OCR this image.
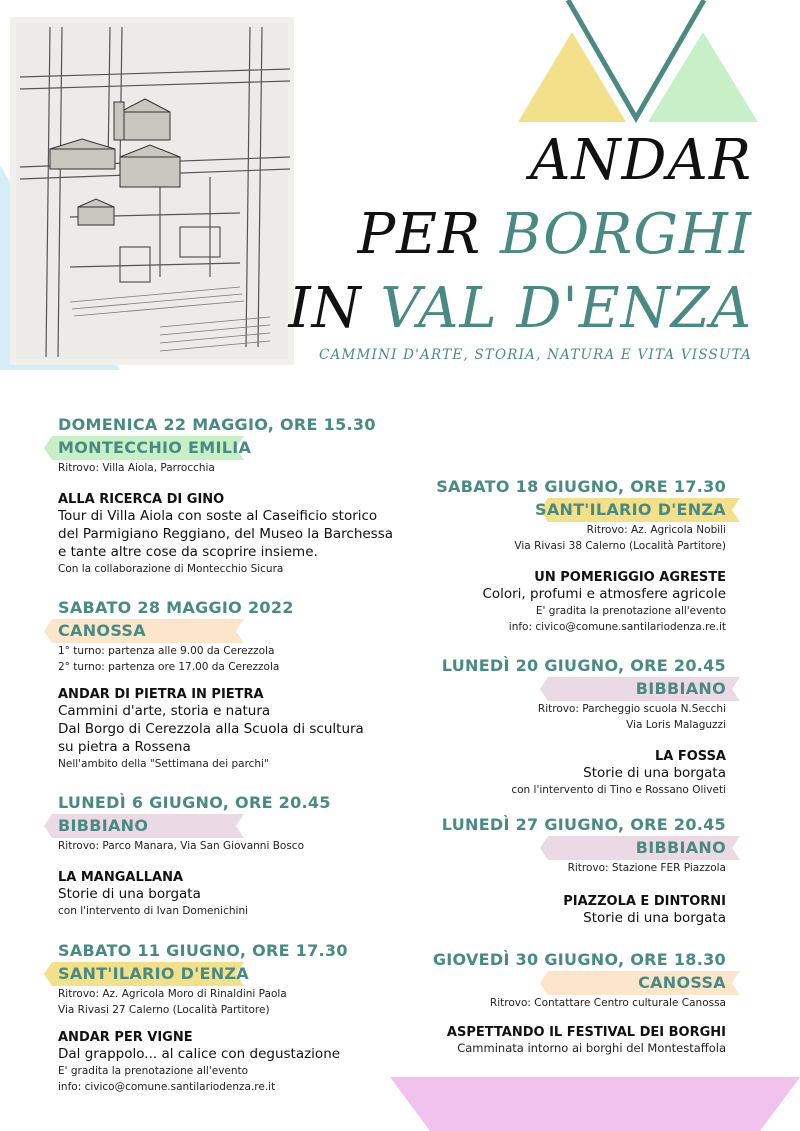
ANDAR
PER BORGHI
IN VAL D'ENZA
CAMMINI D'ARTE, STORIA, NATURA E VITA VISSUTA
DOMENICA 22 MAGGIO, ORE 15.30
MONTECCHIO EMILIA
Ritrovo: Villa Aiola, Parrocchia
ALLA RICERCA DI GINO
Tour di Villa Aiola con soste al Caseificio storico
del Parmigiano Reggiano, del Museo la Barchessa
e tante altre cose da scoprire insieme.
Con la collaborazione di Montecchio Sicura
SABATO 28 MAGGIO 2022
CANOSSA
1° turno: partenza alle 9.00 da Cerezzola
2° turno: partenza ore 17.00 da Cerezzola
ANDAR DI PIETRA IN PIETRA
Cammini d'arte, storia e natura
Dal Borgo di Cerezzola alla Scuola di scultura
su pietra a Rossena
Nell'ambito della "Settimana dei parchi"
LUNEDÌ 6 GIUGNO, ORE 20.45
BIBBIANO
Ritrovo: Parco Manara, Via San Giovanni Bosco
LA MANGALLANA
Storie di una borgata
con l'intervento di Ivan Domenichini
SABATO 11 GIUGNO, ORE 17.30
SANT'ILARIO D'ENZA
Ritrovo: Az. Agricola Moro di Rinaldini Paola
Via Rivasi 27 Calerno (Località Partitore)
ANDAR PER VIGNE
Dal grappolo... al calice con degustazione
E' gradita la prenotazione all'evento
info: civico@comune.santilariodenza.re.it
SABATO 18 GIUGNO, ORE 17.30
SANT'ILARIO D'ENZA
Ritrovo: Az. Agricola Nobili
Via Rivasi 38 Calerno (Località Partitore)
UN POMERIGGIO AGRESTE
Colori, profumi e atmosfere agricole
E' gradita la prenotazione all'evento
info: civico@comune.santilariodenza.re.it
LUNEDÌ 20 GIUGNO, ORE 20.45
BIBBIANO
Ritrovo: Parcheggio scuola N.Secchi
Via Loris Malaguzzi
LA FOSSA
Storie di una borgata
con l'intervento di Tino e Rossano Oliveti
LUNEDÌ 27 GIUGNO, ORE 20.45
BIBBIANO
Ritrovo: Stazione FER Piazzola
PIAZZOLA E DINTORNI
Storie di una borgata
GIOVEDÌ 30 GIUGNO, ORE 18.30
CANOSSA
Ritrovo: Contattare Centro culturale Canossa
ASPETTANDO IL FESTIVAL DEI BORGHI
Camminata intorno ai borghi del Montestaffola
